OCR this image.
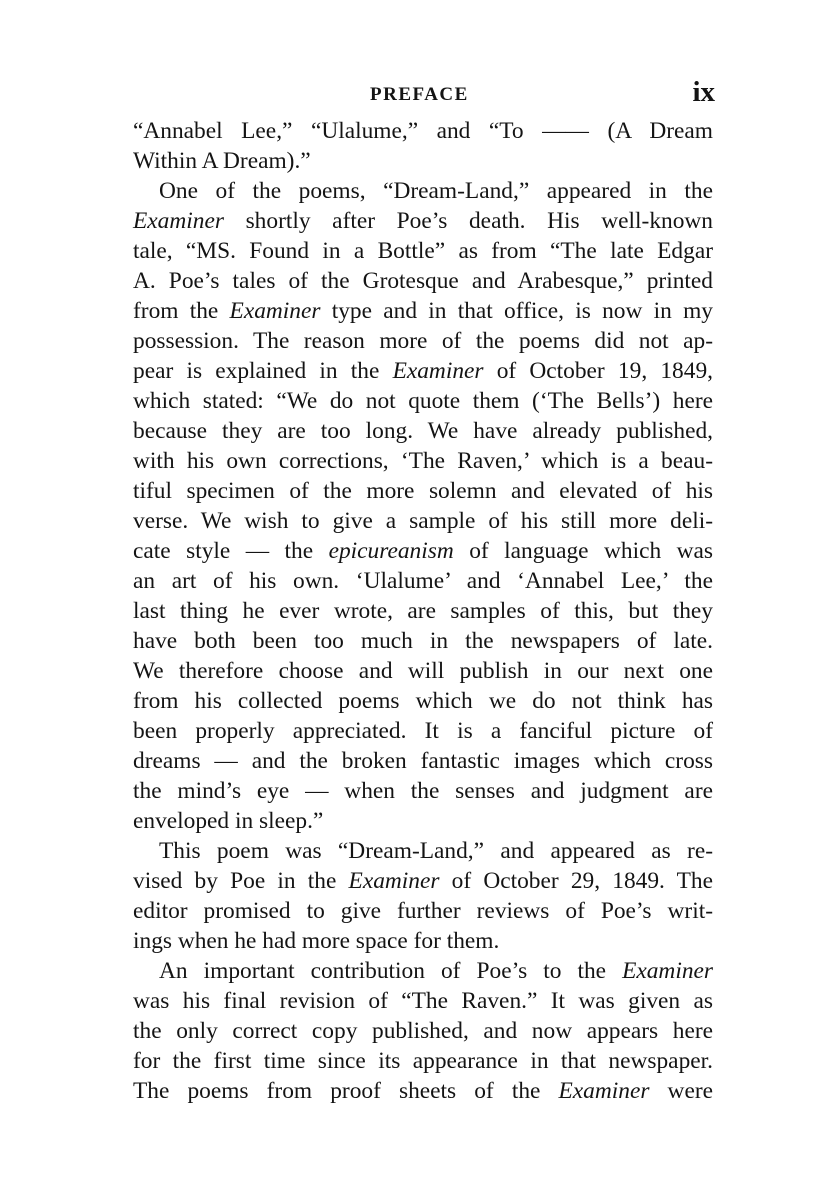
PREFACE	ix
“Annabel Lee,” “Ulalume,” and “To —— (A Dream
Within A Dream).”
One of the poems, “Dream-Land,” appeared in the
Examiner shortly after Poe’s death. His well-known
tale, “MS. Found in a Bottle” as from “The late Edgar
A. Poe’s tales of the Grotesque and Arabesque,” printed
from the Examiner type and in that office, is now in my
possession. The reason more of the poems did not ap-
pear is explained in the Examiner of October 19, 1849,
which stated: “We do not quote them (‘The Bells’) here
because they are too long. We have already published,
with his own corrections, ‘The Raven,’ which is a beau-
tiful specimen of the more solemn and elevated of his
verse. We wish to give a sample of his still more deli-
cate style — the epicureanism of language which was
an art of his own. ‘Ulalume’ and ‘Annabel Lee,’ the
last thing he ever wrote, are samples of this, but they
have both been too much in the newspapers of late.
We therefore choose and will publish in our next one
from his collected poems which we do not think has
been properly appreciated. It is a fanciful picture of
dreams — and the broken fantastic images which cross
the mind’s eye — when the senses and judgment are
enveloped in sleep.”
This poem was “Dream-Land,” and appeared as re-
vised by Poe in the Examiner of October 29, 1849. The
editor promised to give further reviews of Poe’s writ-
ings when he had more space for them.
An important contribution of Poe’s to the Examiner
was his final revision of “The Raven.” It was given as
the only correct copy published, and now appears here
for the first time since its appearance in that newspaper.
The poems from proof sheets of the Examiner were
